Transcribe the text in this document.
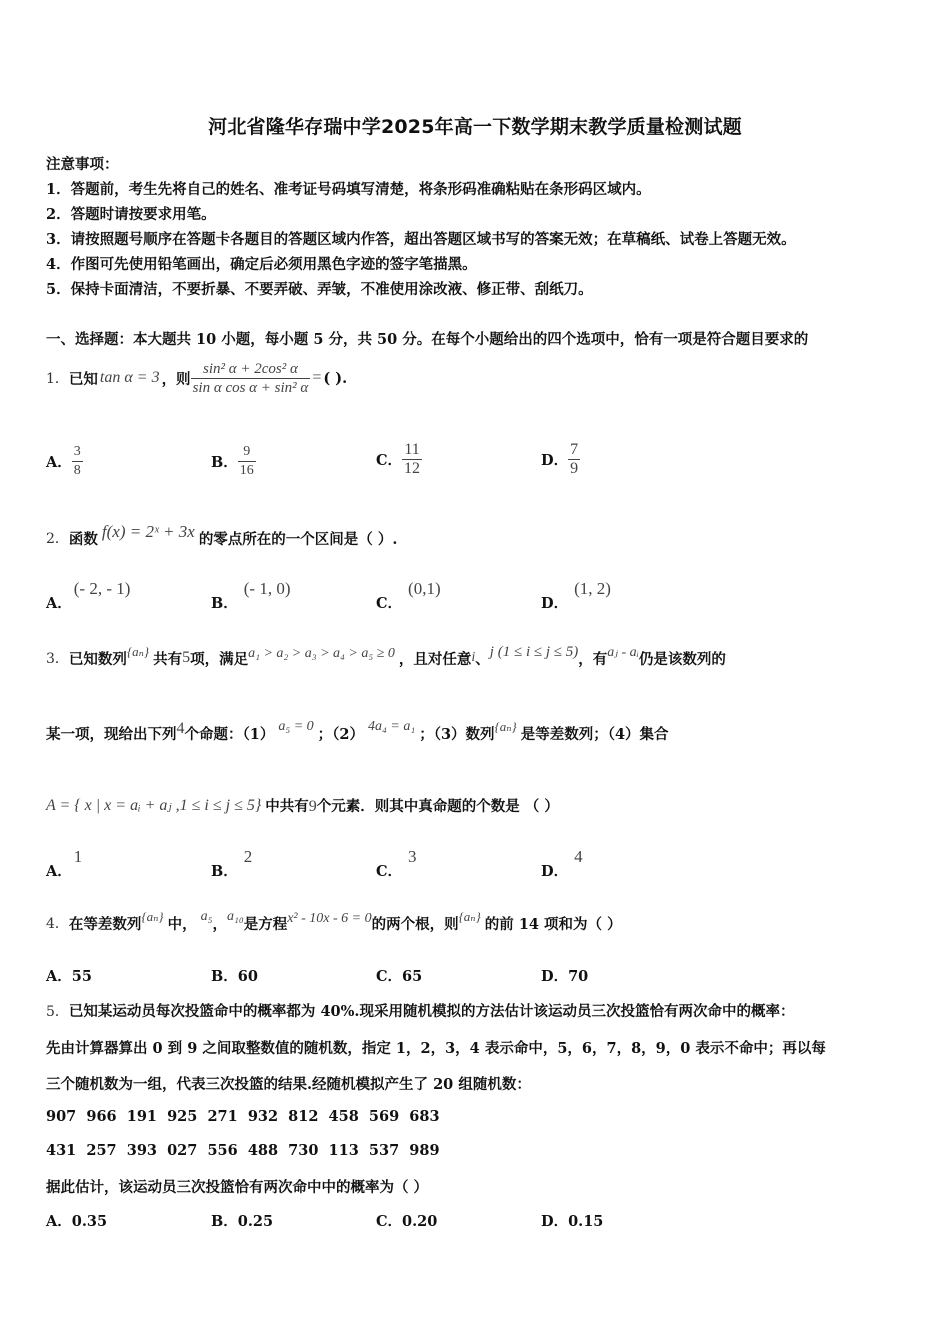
河北省隆华存瑞中学2025年高一下数学期末教学质量检测试题
注意事项：
1．答题前，考生先将自己的姓名、准考证号码填写清楚，将条形码准确粘贴在条形码区域内。
2．答题时请按要求用笔。
3．请按照题号顺序在答题卡各题目的答题区域内作答，超出答题区域书写的答案无效；在草稿纸、试卷上答题无效。
4．作图可先使用铅笔画出，确定后必须用黑色字迹的签字笔描黑。
5．保持卡面清洁，不要折暴、不要弄破、弄皱，不准使用涂改液、修正带、刮纸刀。
一、选择题：本大题共 10 小题，每小题 5 分，共 50 分。在每个小题给出的四个选项中，恰有一项是符合题目要求的
1． 已知 tan α = 3 ，则 $\frac{\text{sin² α + 2cos² α}}{\text{sin α cos α + sin² α}}$ = ( ).
A． $\frac{3}{8}$	B． $\frac{9}{16}$	C． $\frac{11}{12}$	D． $\frac{7}{9}$
2． 函数 f(x) = 2ˣ + 3x 的零点所在的一个区间是（ ）.
A．(- 2, - 1)
B．(- 1, 0)
C．(0,1)
D．(1, 2)
3． 已知数列 {aₙ} 共有 5 项，满足 a₁ > a₂ > a₃ > a₄ > a₅ ≥ 0 ，且对任意 i 、 j (1 ≤ i ≤ j ≤ 5) ，有 aⱼ - aᵢ 仍是该数列的
某一项，现给出下列 4 个命题：（1） a₅ = 0 ；（2） 4a₄ = a₁ ；（3）数列 {aₙ} 是等差数列；（4）集合
A = { x | x = aᵢ + aⱼ ,1 ≤ i ≤ j ≤ 5} 中共有 9 个元素．则其中真命题的个数是 （ ）
A．1
B．2
C．3
D．4
4． 在等差数列 {aₙ} 中， a₅ ， a₁₀ 是方程 x² - 10x - 6 = 0 的两个根，则 {aₙ} 的前 14 项和为（ ）
A．55	B．60	C．65	D．70
5．已知某运动员每次投篮命中的概率都为 40%.现采用随机模拟的方法估计该运动员三次投篮恰有两次命中的概率：
先由计算器算出 0 到 9 之间取整数值的随机数，指定 1，2，3，4 表示命中，5，6，7，8，9，0 表示不命中；再以每
三个随机数为一组，代表三次投篮的结果.经随机模拟产生了 20 组随机数：
907  966  191  925  271  932  812  458  569  683
431  257  393  027  556  488  730  113  537  989
据此估计，该运动员三次投篮恰有两次命中中的概率为（ ）
A．0.35	B．0.25	C．0.20	D．0.15
